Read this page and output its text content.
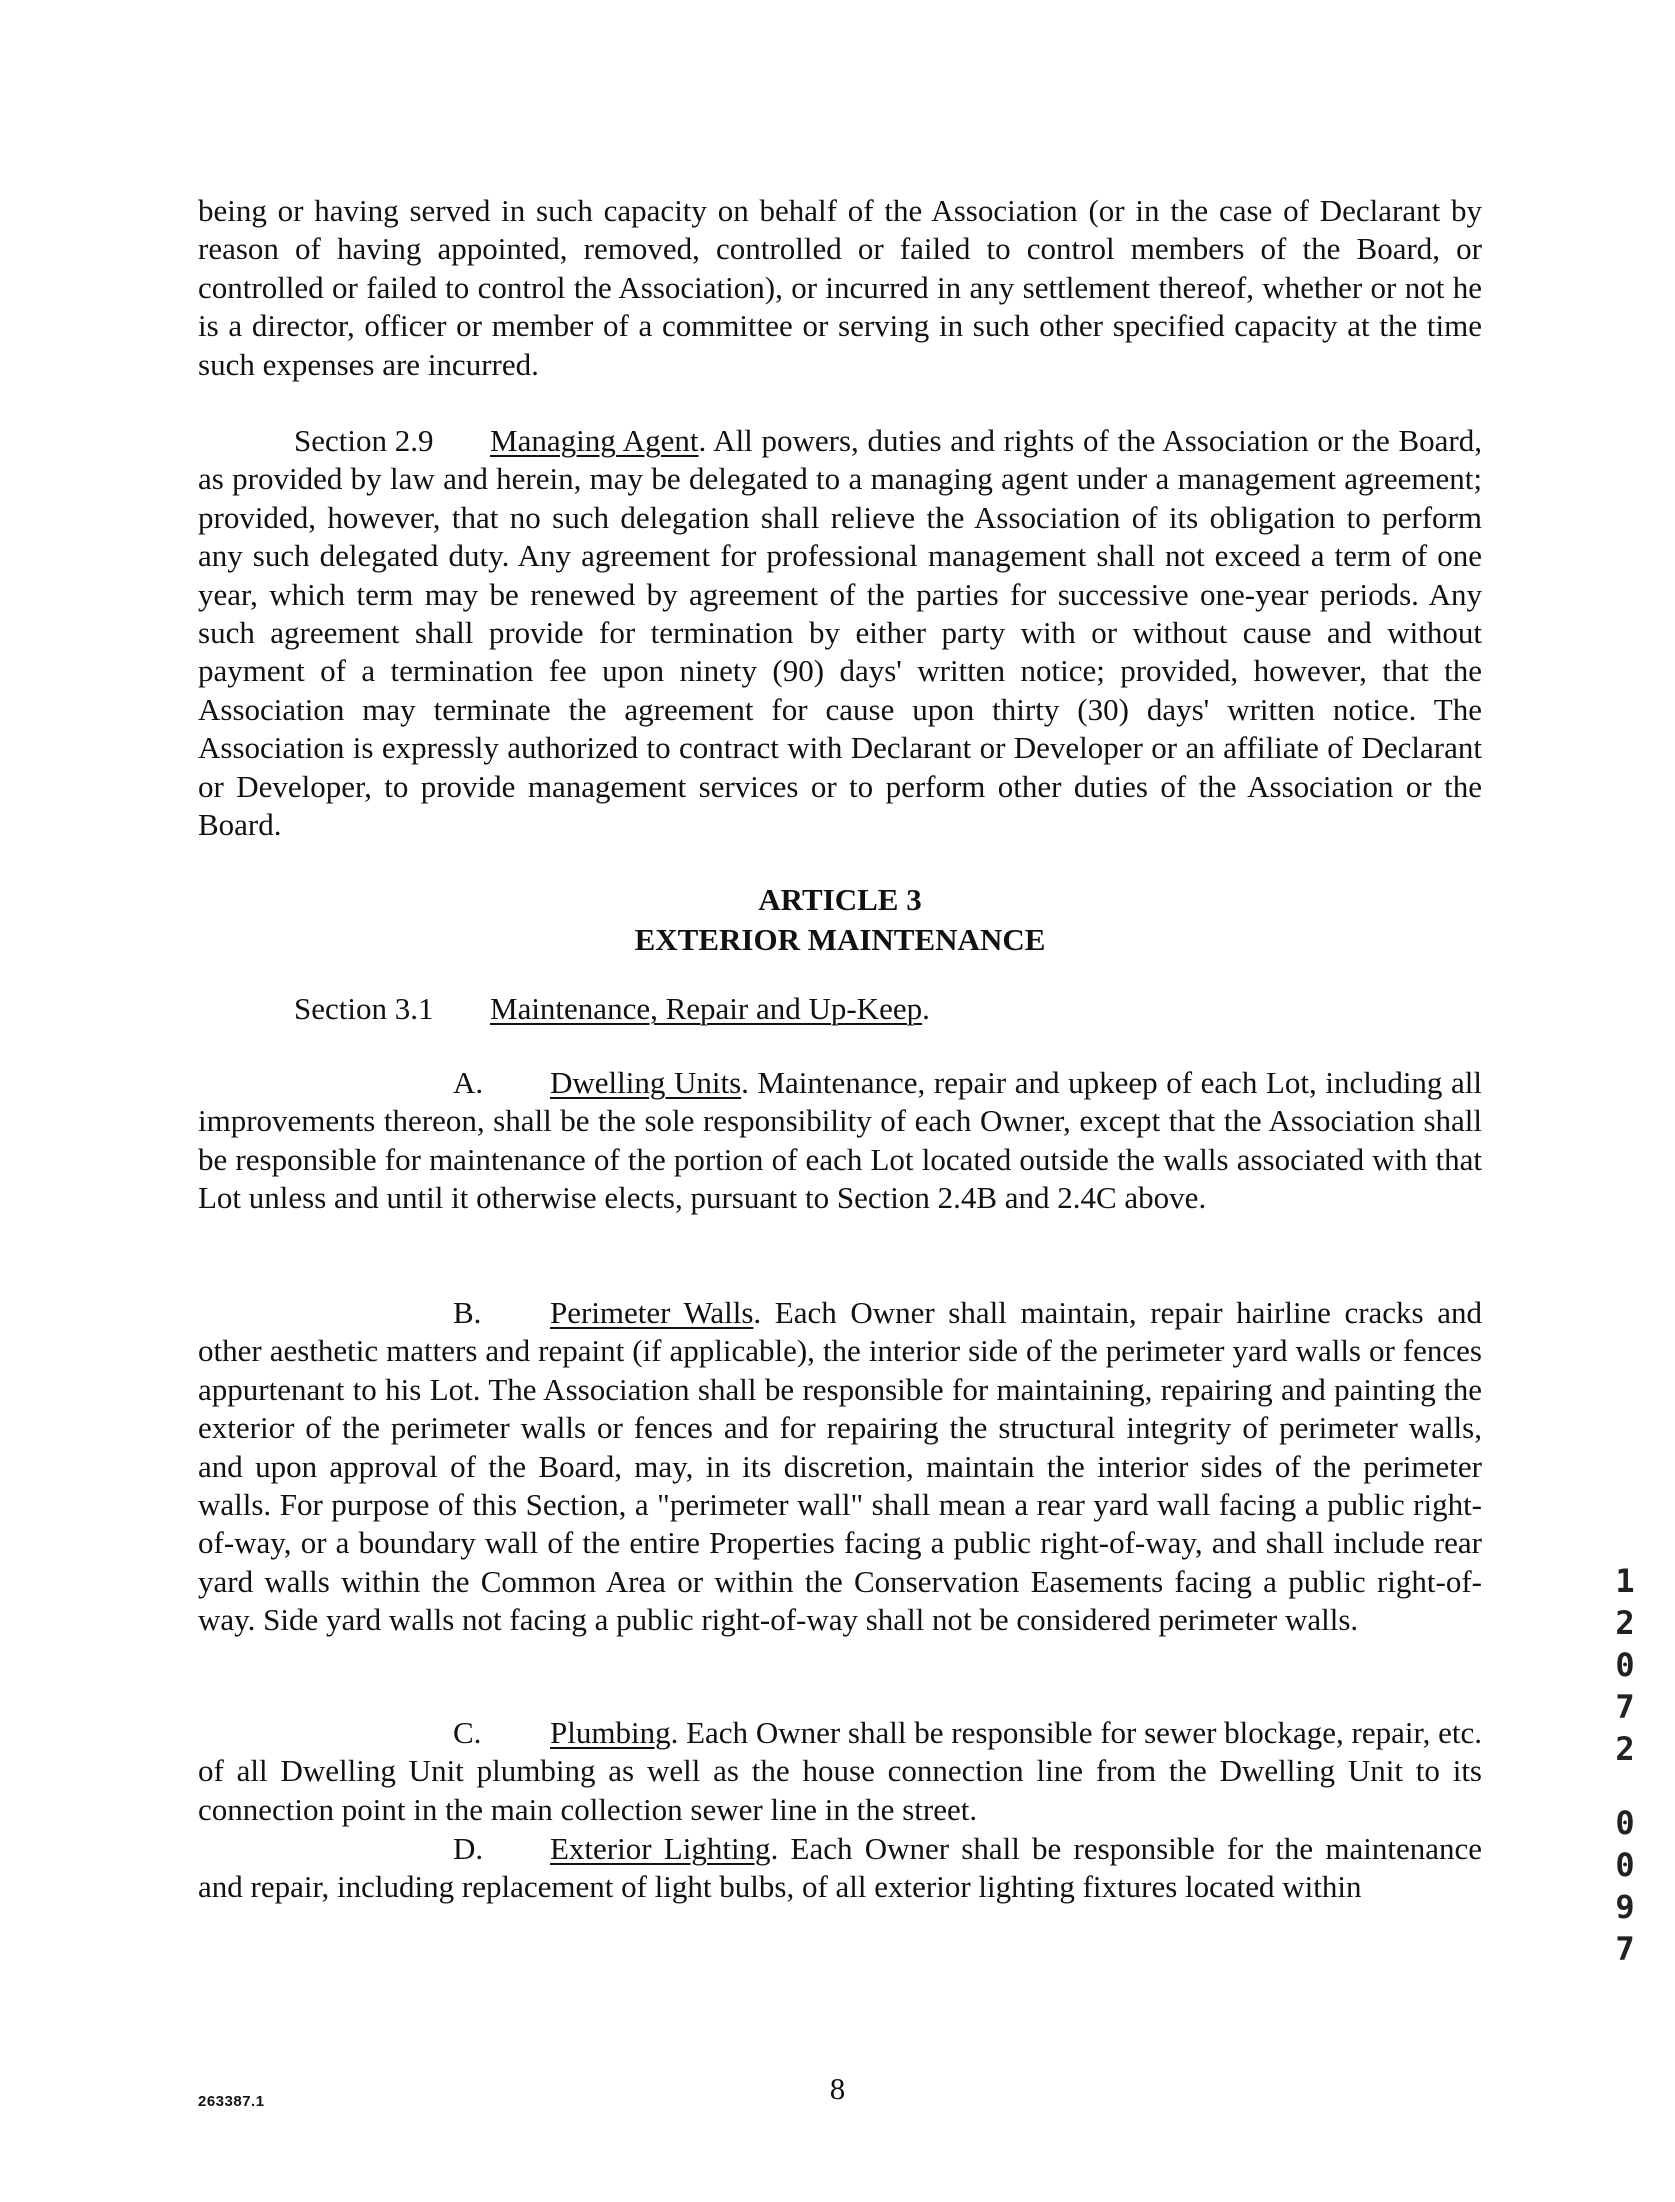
being or having served in such capacity on behalf of the Association (or in the case of Declarant by reason of having appointed, removed, controlled or failed to control members of the Board, or controlled or failed to control the Association), or incurred in any settlement thereof, whether or not he is a director, officer or member of a committee or serving in such other specified capacity at the time such expenses are incurred.

Section 2.9 Managing Agent. All powers, duties and rights of the Association or the Board, as provided by law and herein, may be delegated to a managing agent under a management agreement; provided, however, that no such delegation shall relieve the Association of its obligation to perform any such delegated duty. Any agreement for professional management shall not exceed a term of one year, which term may be renewed by agreement of the parties for successive one-year periods. Any such agreement shall provide for termination by either party with or without cause and without payment of a termination fee upon ninety (90) days' written notice; provided, however, that the Association may terminate the agreement for cause upon thirty (30) days' written notice. The Association is expressly authorized to contract with Declarant or Developer or an affiliate of Declarant or Developer, to provide management services or to perform other duties of the Association or the Board.

ARTICLE 3
EXTERIOR MAINTENANCE

Section 3.1 Maintenance, Repair and Up-Keep.

A. Dwelling Units. Maintenance, repair and upkeep of each Lot, including all improvements thereon, shall be the sole responsibility of each Owner, except that the Association shall be responsible for maintenance of the portion of each Lot located outside the walls associated with that Lot unless and until it otherwise elects, pursuant to Section 2.4B and 2.4C above.

B. Perimeter Walls. Each Owner shall maintain, repair hairline cracks and other aesthetic matters and repaint (if applicable), the interior side of the perimeter yard walls or fences appurtenant to his Lot. The Association shall be responsible for maintaining, repairing and painting the exterior of the perimeter walls or fences and for repairing the structural integrity of perimeter walls, and upon approval of the Board, may, in its discretion, maintain the interior sides of the perimeter walls. For purpose of this Section, a "perimeter wall" shall mean a rear yard wall facing a public right-of-way, or a boundary wall of the entire Properties facing a public right-of-way, and shall include rear yard walls within the Common Area or within the Conservation Easements facing a public right-of-way. Side yard walls not facing a public right-of-way shall not be considered perimeter walls.

C. Plumbing. Each Owner shall be responsible for sewer blockage, repair, etc. of all Dwelling Unit plumbing as well as the house connection line from the Dwelling Unit to its connection point in the main collection sewer line in the street.

D. Exterior Lighting. Each Owner shall be responsible for the maintenance and repair, including replacement of light bulbs, of all exterior lighting fixtures located within

263387.1	8
1
2
0
7
2
0
0
9
7
